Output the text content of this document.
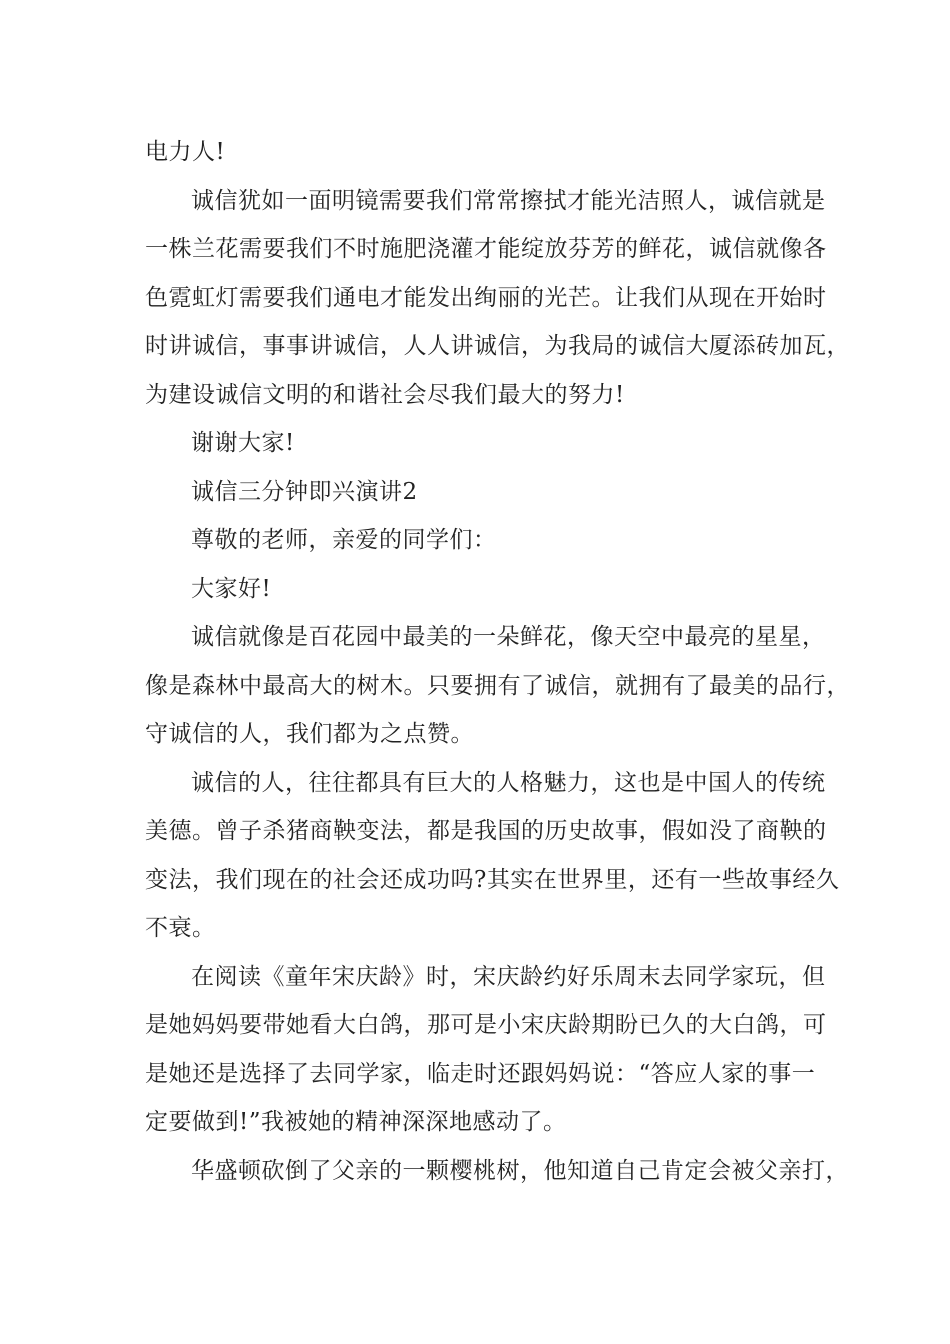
电力人!
诚信犹如一面明镜需要我们常常擦拭才能光洁照人，诚信就是
一株兰花需要我们不时施肥浇灌才能绽放芬芳的鲜花，诚信就像各
色霓虹灯需要我们通电才能发出绚丽的光芒。让我们从现在开始时
时讲诚信，事事讲诚信，人人讲诚信，为我局的诚信大厦添砖加瓦，
为建设诚信文明的和谐社会尽我们最大的努力!
谢谢大家!
诚信三分钟即兴演讲2
尊敬的老师，亲爱的同学们：
大家好!
诚信就像是百花园中最美的一朵鲜花，像天空中最亮的星星，
像是森林中最高大的树木。只要拥有了诚信，就拥有了最美的品行，
守诚信的人，我们都为之点赞。
诚信的人，往往都具有巨大的人格魅力，这也是中国人的传统
美德。曾子杀猪商鞅变法，都是我国的历史故事，假如没了商鞅的
变法，我们现在的社会还成功吗?其实在世界里，还有一些故事经久
不衰。
在阅读《童年宋庆龄》时，宋庆龄约好乐周末去同学家玩，但
是她妈妈要带她看大白鸽，那可是小宋庆龄期盼已久的大白鸽，可
是她还是选择了去同学家，临走时还跟妈妈说：“答应人家的事一
定要做到!”我被她的精神深深地感动了。
华盛顿砍倒了父亲的一颗樱桃树，他知道自己肯定会被父亲打，
